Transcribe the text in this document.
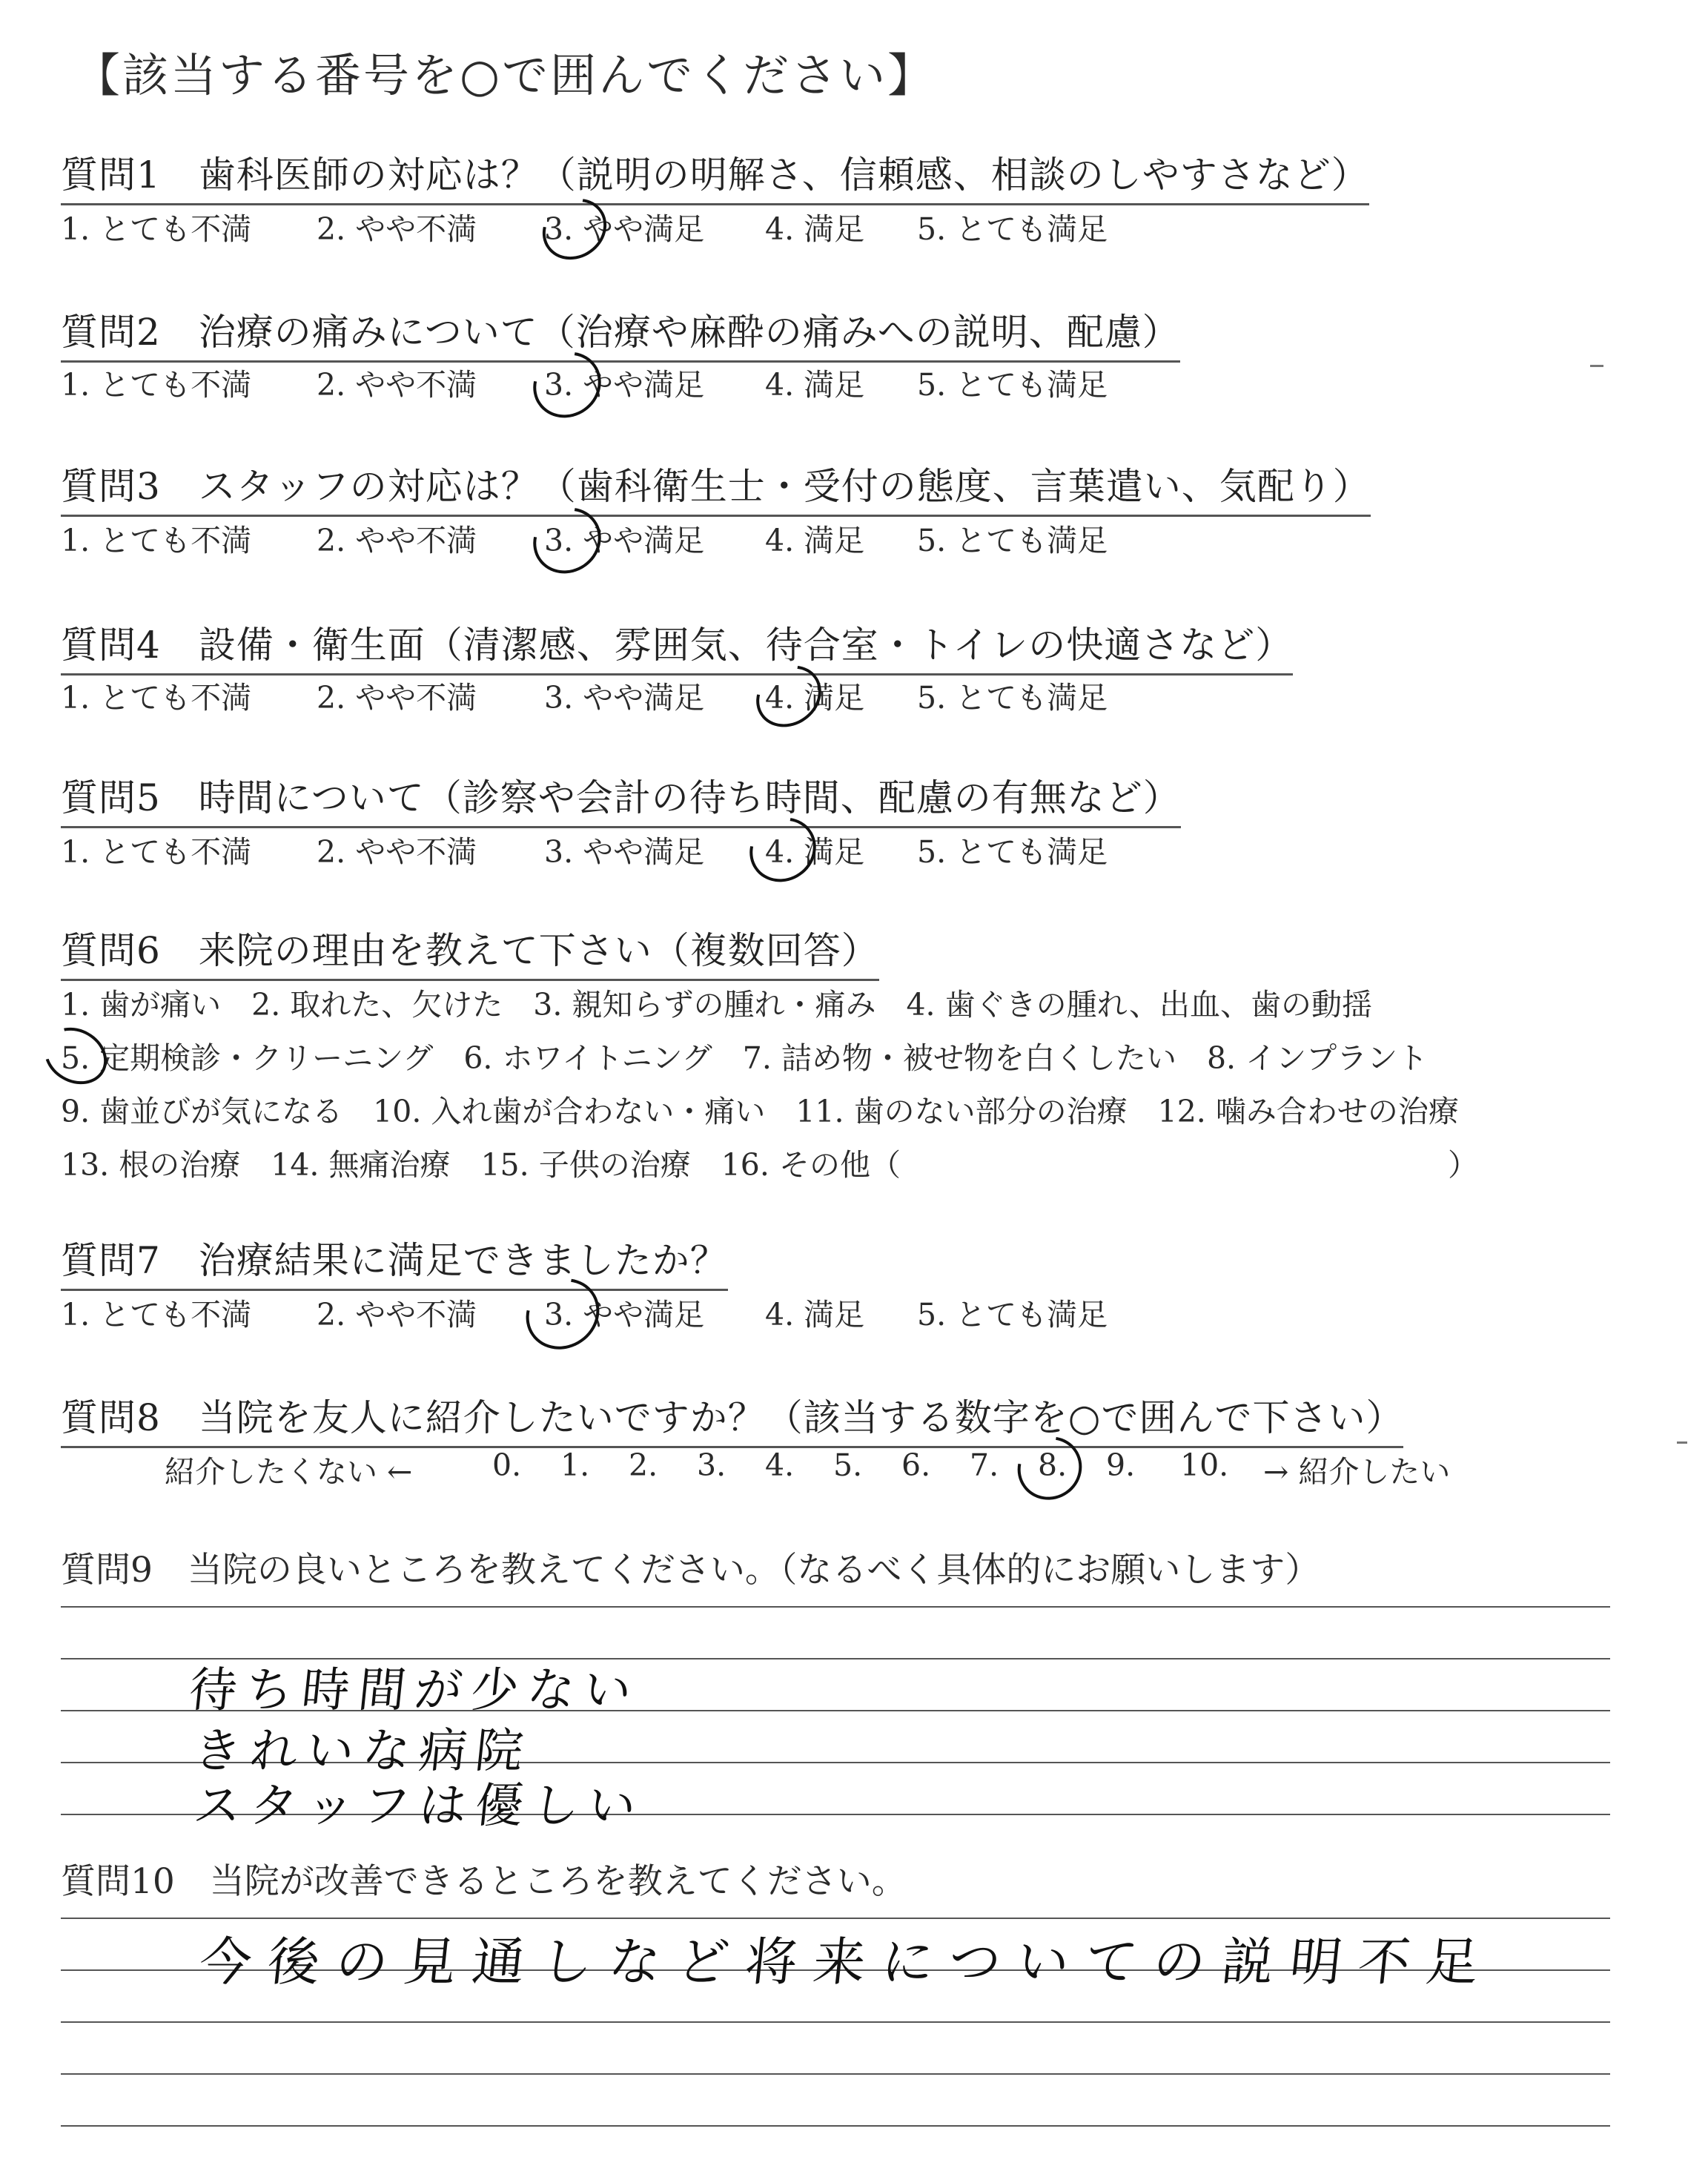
【該当する番号を○で囲んでください】
質問1　歯科医師の対応は？（説明の明解さ、信頼感、相談のしやすさなど）
1. とても不満 2. やや不満 3. やや満足 4. 満足 5. とても満足
質問2　治療の痛みについて（治療や麻酔の痛みへの説明、配慮）
1. とても不満 2. やや不満 3. やや満足 4. 満足 5. とても満足
質問3　スタッフの対応は？（歯科衛生士・受付の態度、言葉遣い、気配り）
1. とても不満 2. やや不満 3. やや満足 4. 満足 5. とても満足
質問4　設備・衛生面（清潔感、雰囲気、待合室・トイレの快適さなど）
1. とても不満 2. やや不満 3. やや満足 4. 満足 5. とても満足
質問5　時間について（診察や会計の待ち時間、配慮の有無など）
1. とても不満 2. やや不満 3. やや満足 4. 満足 5. とても満足
質問6　来院の理由を教えて下さい（複数回答）
1. 歯が痛い　2. 取れた、欠けた　3. 親知らずの腫れ・痛み　4. 歯ぐきの腫れ、出血、歯の動揺
5. 定期検診・クリーニング　6. ホワイトニング　7. 詰め物・被せ物を白くしたい　8. インプラント
9. 歯並びが気になる　10. 入れ歯が合わない・痛い　11. 歯のない部分の治療　12. 噛み合わせの治療
13. 根の治療　14. 無痛治療　15. 子供の治療　16. その他（　　　　　　　　　　　　　　　　　　）
質問7　治療結果に満足できましたか？
1. とても不満 2. やや不満 3. やや満足 4. 満足 5. とても満足
質問8　当院を友人に紹介したいですか？（該当する数字を○で囲んで下さい）
紹介したくない ←	0. 1. 2. 3. 4. 5. 6. 7. 8. 9. 10. → 紹介したい
質問9　当院の良いところを教えてください。（なるべく具体的にお願いします）
待ち時間が少ない
きれいな病院
スタッフは優しい
質問10　当院が改善できるところを教えてください。
今後の見通しなど将来についての説明不足
